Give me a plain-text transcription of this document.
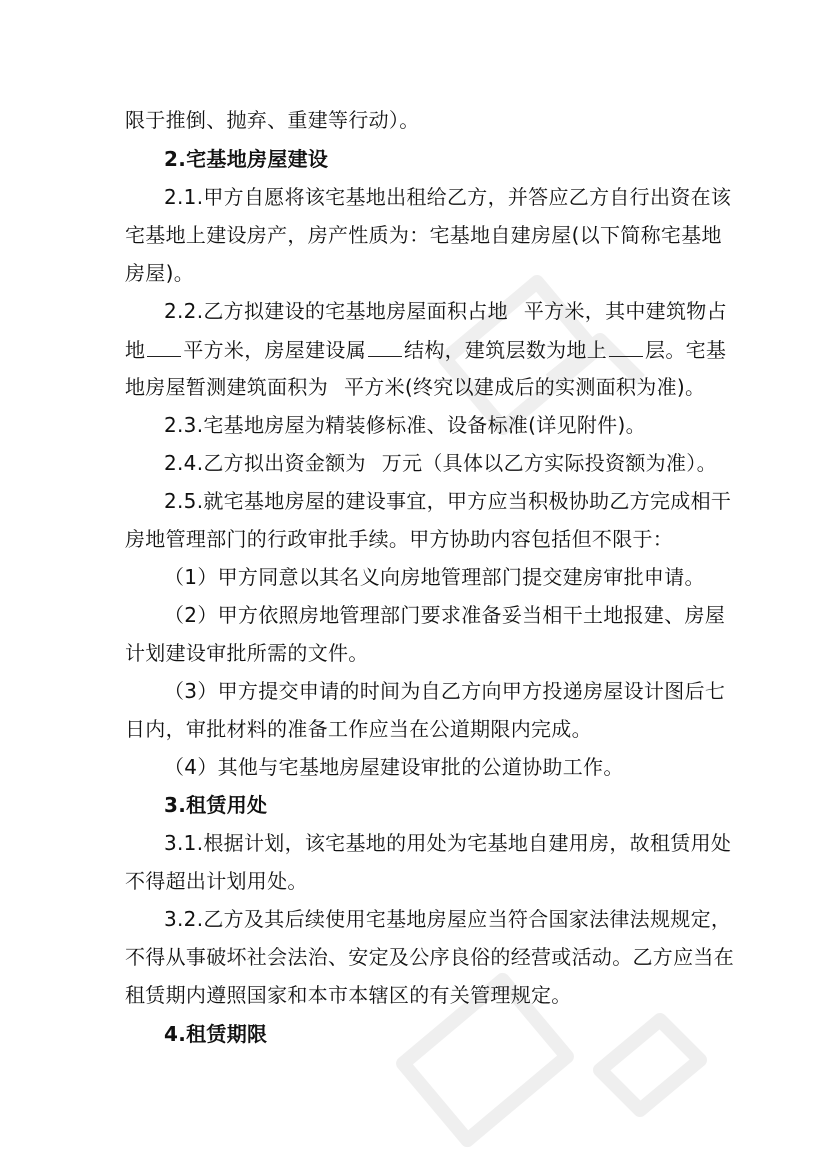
限于推倒、抛弃、重建等行动）。
2.宅基地房屋建设
2.1.甲方自愿将该宅基地出租给乙方，并答应乙方自行出资在该
宅基地上建设房产，房产性质为：宅基地自建房屋(以下简称宅基地
房屋)。
2.2.乙方拟建设的宅基地房屋面积占地 平方米，其中建筑物占
地 平方米，房屋建设属 结构，建筑层数为地上 层。宅基
地房屋暂测建筑面积为 平方米(终究以建成后的实测面积为准)。
2.3.宅基地房屋为精装修标准、设备标准(详见附件)。
2.4.乙方拟出资金额为 万元（具体以乙方实际投资额为准）。
2.5.就宅基地房屋的建设事宜，甲方应当积极协助乙方完成相干
房地管理部门的行政审批手续。甲方协助内容包括但不限于：
（1）甲方同意以其名义向房地管理部门提交建房审批申请。
（2）甲方依照房地管理部门要求准备妥当相干土地报建、房屋
计划建设审批所需的文件。
（3）甲方提交申请的时间为自乙方向甲方投递房屋设计图后七
日内，审批材料的准备工作应当在公道期限内完成。
（4）其他与宅基地房屋建设审批的公道协助工作。
3.租赁用处
3.1.根据计划，该宅基地的用处为宅基地自建用房，故租赁用处
不得超出计划用处。
3.2.乙方及其后续使用宅基地房屋应当符合国家法律法规规定，
不得从事破坏社会法治、安定及公序良俗的经营或活动。乙方应当在
租赁期内遵照国家和本市本辖区的有关管理规定。
4.租赁期限
